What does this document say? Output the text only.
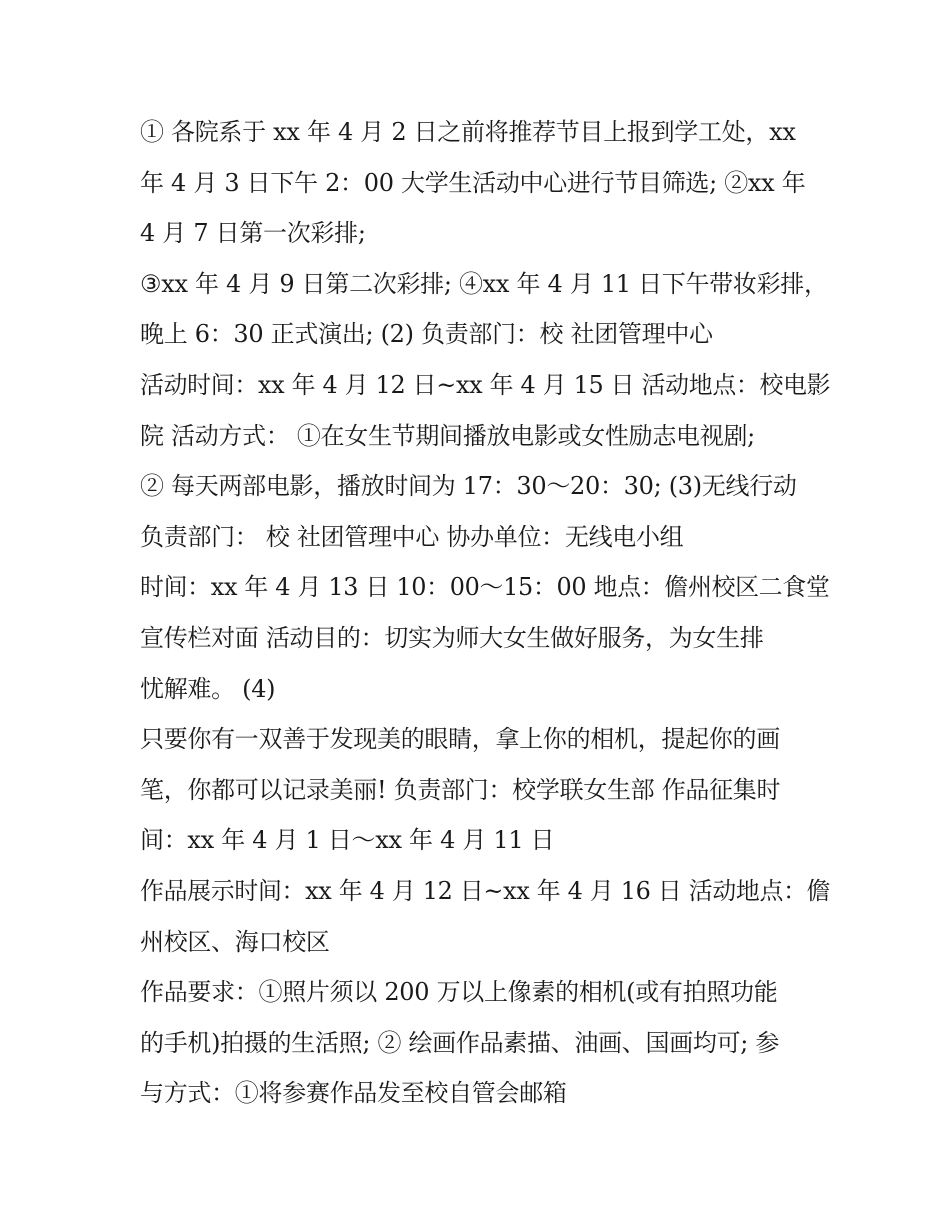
① 各院系于 xx 年 4 月 2 日之前将推荐节目上报到学工处，xx
年 4 月 3 日下午 2：00 大学生活动中心进行节目筛选; ②xx 年
4 月 7 日第一次彩排;
③xx 年 4 月 9 日第二次彩排; ④xx 年 4 月 11 日下午带妆彩排，
晚上 6：30 正式演出; (2) 负责部门：校 社团管理中心
活动时间：xx 年 4 月 12 日~xx 年 4 月 15 日 活动地点：校电影
院 活动方式： ①在女生节期间播放电影或女性励志电视剧;
② 每天两部电影，播放时间为 17：30～20：30; (3)无线行动
负责部门： 校 社团管理中心 协办单位：无线电小组
时间：xx 年 4 月 13 日 10：00～15：00 地点：儋州校区二食堂
宣传栏对面 活动目的：切实为师大女生做好服务，为女生排
忧解难。 (4)
只要你有一双善于发现美的眼睛，拿上你的相机，提起你的画
笔，你都可以记录美丽! 负责部门：校学联女生部 作品征集时
间：xx 年 4 月 1 日～xx 年 4 月 11 日
作品展示时间：xx 年 4 月 12 日~xx 年 4 月 16 日 活动地点：儋
州校区、海口校区
作品要求：①照片须以 200 万以上像素的相机(或有拍照功能
的手机)拍摄的生活照; ② 绘画作品素描、油画、国画均可; 参
与方式：①将参赛作品发至校自管会邮箱
